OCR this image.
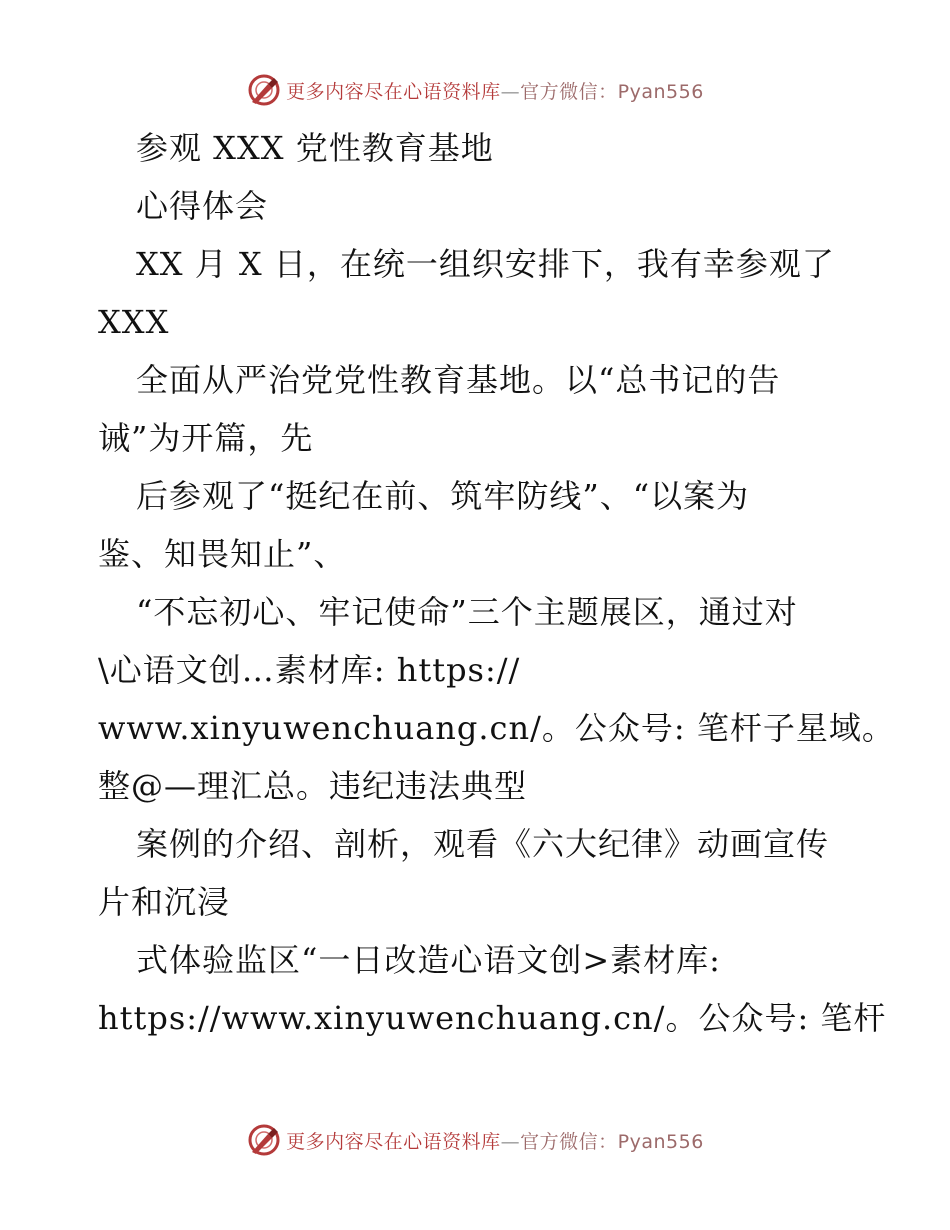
更多内容尽在心语资料库—官方微信：Pyan556
参观 XXX 党性教育基地
心得体会
XX 月 X 日，在统一组织安排下，我有幸参观了
XXX
全面从严治党党性教育基地。以“总书记的告
诫”为开篇，先
后参观了“挺纪在前、筑牢防线”、“以案为
鉴、知畏知止”、
“不忘初心、牢记使命”三个主题展区，通过对
\心语文创…素材库: https://
www.xinyuwenchuang.cn/。公众号: 笔杆子星域。
整@—理汇总。违纪违法典型
案例的介绍、剖析，观看《六大纪律》动画宣传
片和沉浸
式体验监区“一日改造心语文创>素材库:
https://www.xinyuwenchuang.cn/。公众号: 笔杆
更多内容尽在心语资料库—官方微信：Pyan556
